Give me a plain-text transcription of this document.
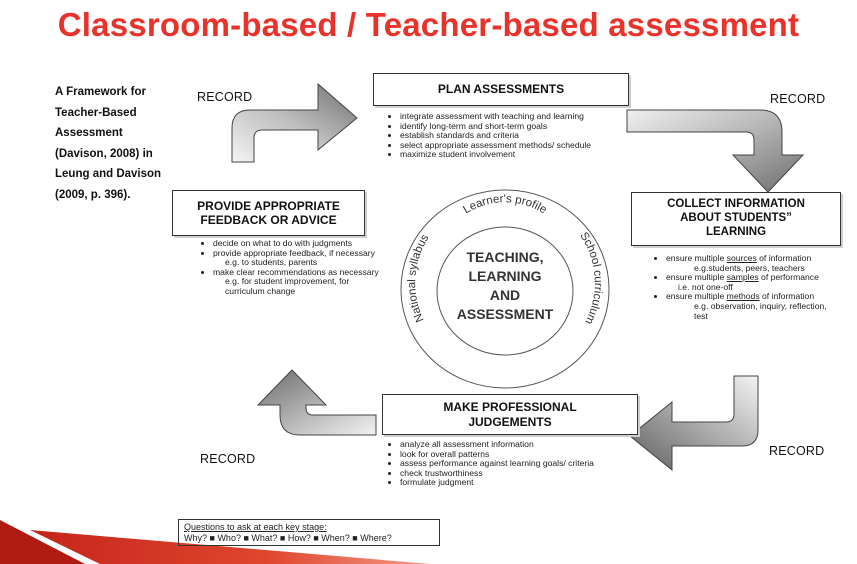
Classroom-based / Teacher-based assessment
A Framework for
Teacher-Based
Assessment
(Davison, 2008) in
Leung and Davison
(2009, p. 396).
RECORD	RECORD
RECORD
RECORD
PLAN ASSESSMENTS
• integrate assessment with teaching and learning
• identify long-term and short-term goals
• establish standards and criteria
• select appropriate assessment methods/ schedule
• maximize student involvement
COLLECT INFORMATION
ABOUT STUDENTS”
LEARNING
• ensure multiple sources of information
e.g.students, peers, teachers
• ensure multiple samples of performance
i.e. not one-off
• ensure multiple methods of information
e.g. observation, inquiry, reflection, test
PROVIDE APPROPRIATE
FEEDBACK OR ADVICE
• decide on what to do with judgments
• provide appropriate feedback, if necessary
e.g. to students, parents
• make clear recommendations as necessary
e.g. for student improvement, for curriculum change
MAKE PROFESSIONAL
JUDGEMENTS
• analyze all assessment information
• look for overall patterns
• assess performance against learning goals/ criteria
• check trustworthiness
• formulate judgment
Learner's profile
National syllabus	School curriculum
TEACHING,
LEARNING
AND
ASSESSMENT
Questions to ask at each key stage:
Why? ■ Who? ■ What? ■ How? ■ When? ■ Where?
